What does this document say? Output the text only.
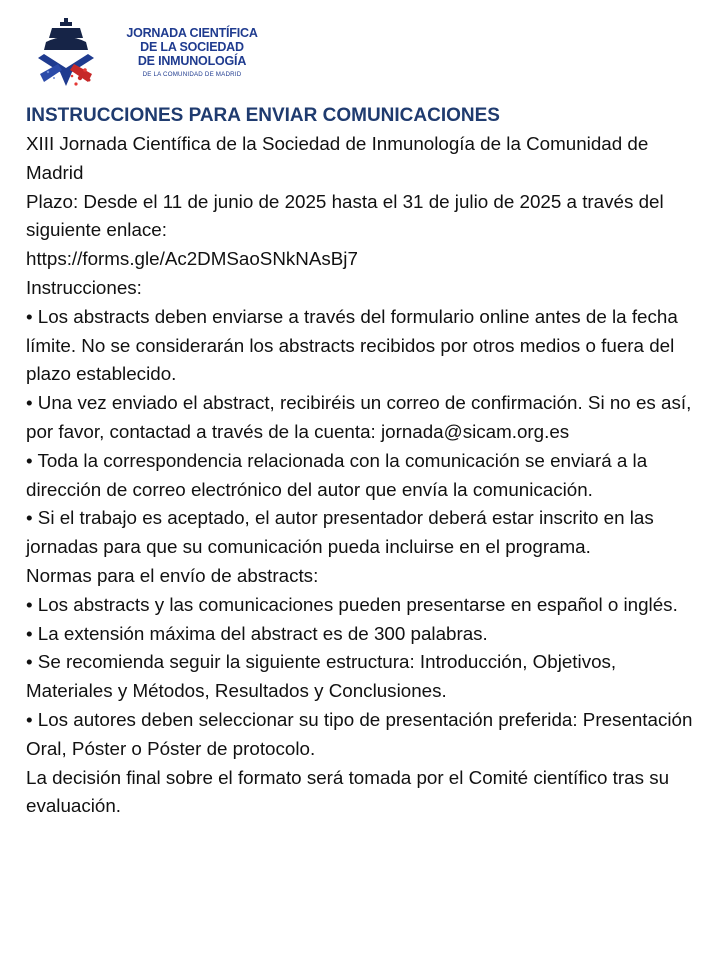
JORNADA CIENTÍFICA
DE LA SOCIEDAD
DE INMUNOLOGÍA
DE LA COMUNIDAD DE MADRID
INSTRUCCIONES PARA ENVIAR COMUNICACIONES

XIII Jornada Científica de la Sociedad de Inmunología de la Comunidad de Madrid

Plazo: Desde el 11 de junio de 2025 hasta el 31 de julio de 2025 a través del siguiente enlace:

https://forms.gle/Ac2DMSaoSNkNAsBj7

Instrucciones:

• Los abstracts deben enviarse a través del formulario online antes de la fecha límite. No se considerarán los abstracts recibidos por otros medios o fuera del plazo establecido.

• Una vez enviado el abstract, recibiréis un correo de confirmación. Si no es así, por favor, contactad a través de la cuenta: jornada@sicam.org.es

• Toda la correspondencia relacionada con la comunicación se enviará a la dirección de correo electrónico del autor que envía la comunicación.

• Si el trabajo es aceptado, el autor presentador deberá estar inscrito en las jornadas para que su comunicación pueda incluirse en el programa.

Normas para el envío de abstracts:

• Los abstracts y las comunicaciones pueden presentarse en español o inglés.

• La extensión máxima del abstract es de 300 palabras.

• Se recomienda seguir la siguiente estructura: Introducción, Objetivos, Materiales y Métodos, Resultados y Conclusiones.

• Los autores deben seleccionar su tipo de presentación preferida: Presentación Oral, Póster o Póster de protocolo.

La decisión final sobre el formato será tomada por el Comité científico tras su evaluación.
